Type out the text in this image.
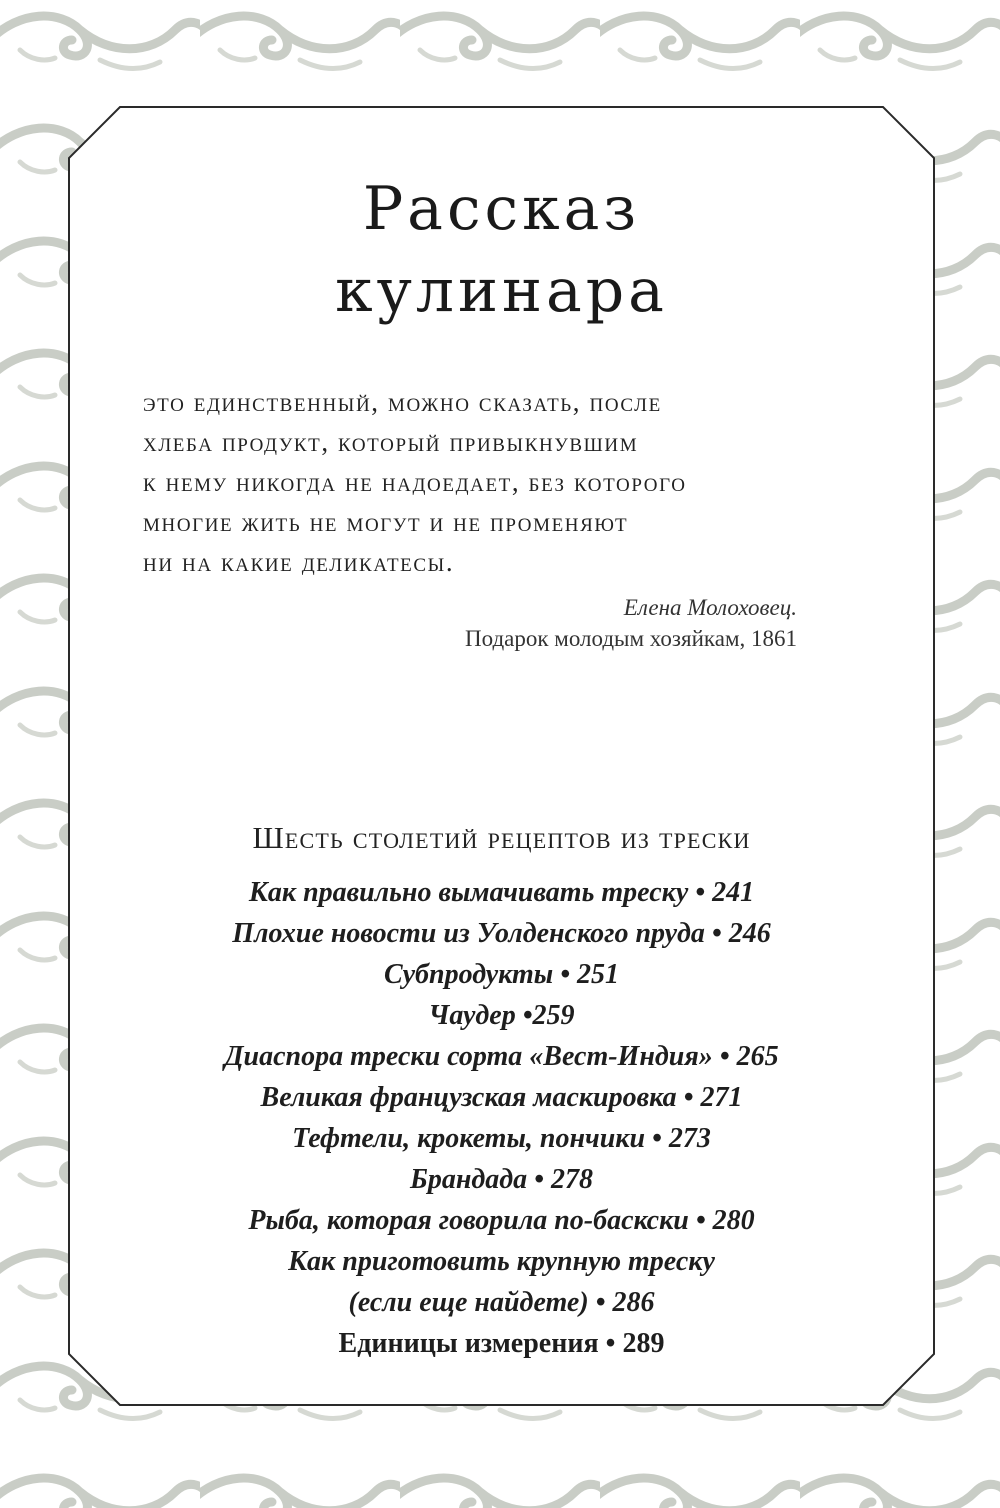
Рассказ
кулинара
это единственный, можно сказать, после
хлеба продукт, который привыкнувшим
к нему никогда не надоедает, без которого
многие жить не могут и не променяют
ни на какие деликатесы.
Елена Молоховец.
Подарок молодым хозяйкам, 1861
Шесть столетий рецептов из трески
Как правильно вымачивать треску • 241
Плохие новости из Уолденского пруда • 246
Субпродукты • 251
Чаудер •259
Диаспора трески сорта «Вест-Индия» • 265
Великая французская маскировка • 271
Тефтели, крокеты, пончики • 273
Брандада • 278
Рыба, которая говорила по-баскски • 280
Как приготовить крупную треску
(если еще найдете) • 286
Единицы измерения • 289
